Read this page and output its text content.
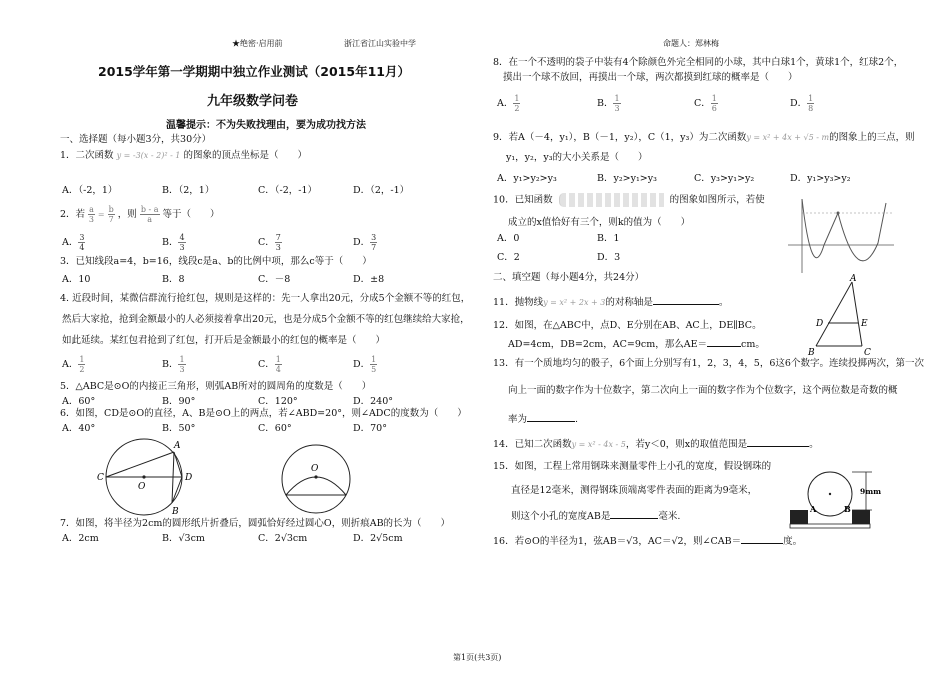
★绝密·启用前	浙江省江山实验中学	命题人：郑林梅
2015学年第一学期期中独立作业测试（2015年11月）
九年级数学问卷
温馨提示：不为失败找理由，要为成功找方法
一、选择题（每小题3分，共30分）
1．二次函数 y = -3(x - 2)² - 1 的图象的顶点坐标是（　　）
A．（-2，1）	B．（2，1）	C．（-2，-1）	D．（2，-1）
2．若 $\frac{a}{3} = \frac{b}{7}$ ，则 $\frac{b - a}{a}$ 等于（　　）
A． $\frac{3}{4}$	B． $\frac{4}{3}$	C． $\frac{7}{3}$	D． $\frac{3}{7}$
3．已知线段a=4，b=16，线段c是a、b的比例中项，那么c等于（　　）
A．10	B．8	C．－8	D．±8
4. 近段时间，某微信群流行抢红包，规则是这样的：先一人拿出20元，分成5个金额不等的红包，
然后大家抢，抢到金额最小的人必须接着拿出20元，也是分成5个金额不等的红包继续给大家抢，
如此延续。某红包君抢到了红包，打开后是金额最小的红包的概率是（　　）
A． $\frac{1}{2}$	B． $\frac{1}{3}$	C． $\frac{1}{4}$	D． $\frac{1}{5}$
5．△ABC是⊙O的内接正三角形，则弧AB所对的圆周角的度数是（　　）
A．60°	B．90°	C．120°	D．240°
6．如图，CD是⊙O的直径，A、B是⊙O上的两点，若∠ABD=20°，则∠ADC的度数为（　　）
A．40°	B．50°	C．60°	D．70°
C
O
A
D
B
O
7．如图，将半径为2cm的圆形纸片折叠后，圆弧恰好经过圆心O，则折痕AB的长为（　　）
A．2cm	B．√3cm	C．2√3cm	D．2√5cm
8．在一个不透明的袋子中装有4个除颜色外完全相同的小球，其中白球1个，黄球1个，红球2个，
摸出一个球不放回，再摸出一个球，两次都摸到红球的概率是（　　）
A． $\frac{1}{2}$	B． $\frac{1}{3}$	C． $\frac{1}{6}$	D． $\frac{1}{8}$
9．若A（－4，y₁），B（－1，y₂），C（1，y₃）为二次函数y = x² + 4x + √5 - m的图象上的三点，则
y₁，y₂，y₃的大小关系是（　　）
A．y₁>y₂>y₃	B．y₂>y₁>y₃	C．y₃>y₁>y₂	D．y₁>y₃>y₂
10．已知函数	的图象如图所示，若使
成立的x值恰好有三个，则k的值为（　　）
A．0	B．1
C．2	D．3
二、填空题（每小题4分，共24分）
11．抛物线y = x² + 2x + 3的对称轴是	。
12．如图，在△ABC中，点D、E分别在AB、AC上，DE∥BC。
AD=4cm，DB=2cm，AC=9cm，那么AE＝	cm。
A
D	E
B	C
13．有一个质地均匀的骰子，6个面上分别写有1，2，3，4，5，6这6个数字。连续投掷两次，第一次
向上一面的数字作为十位数字，第二次向上一面的数字作为个位数字，这个两位数是奇数的概
率为	.
14．已知二次函数y = x² - 4x - 5，若y＜0，则x的取值范围是	。
15．如图，工程上常用钢珠来测量零件上小孔的宽度，假设钢珠的
直径是12毫米，测得钢珠顶端离零件表面的距离为9毫米，
则这个小孔的宽度AB是	毫米.
9mm
A	B
16．若⊙O的半径为1，弦AB＝√3，AC＝√2，则∠CAB＝	度。
第1页(共3页)
